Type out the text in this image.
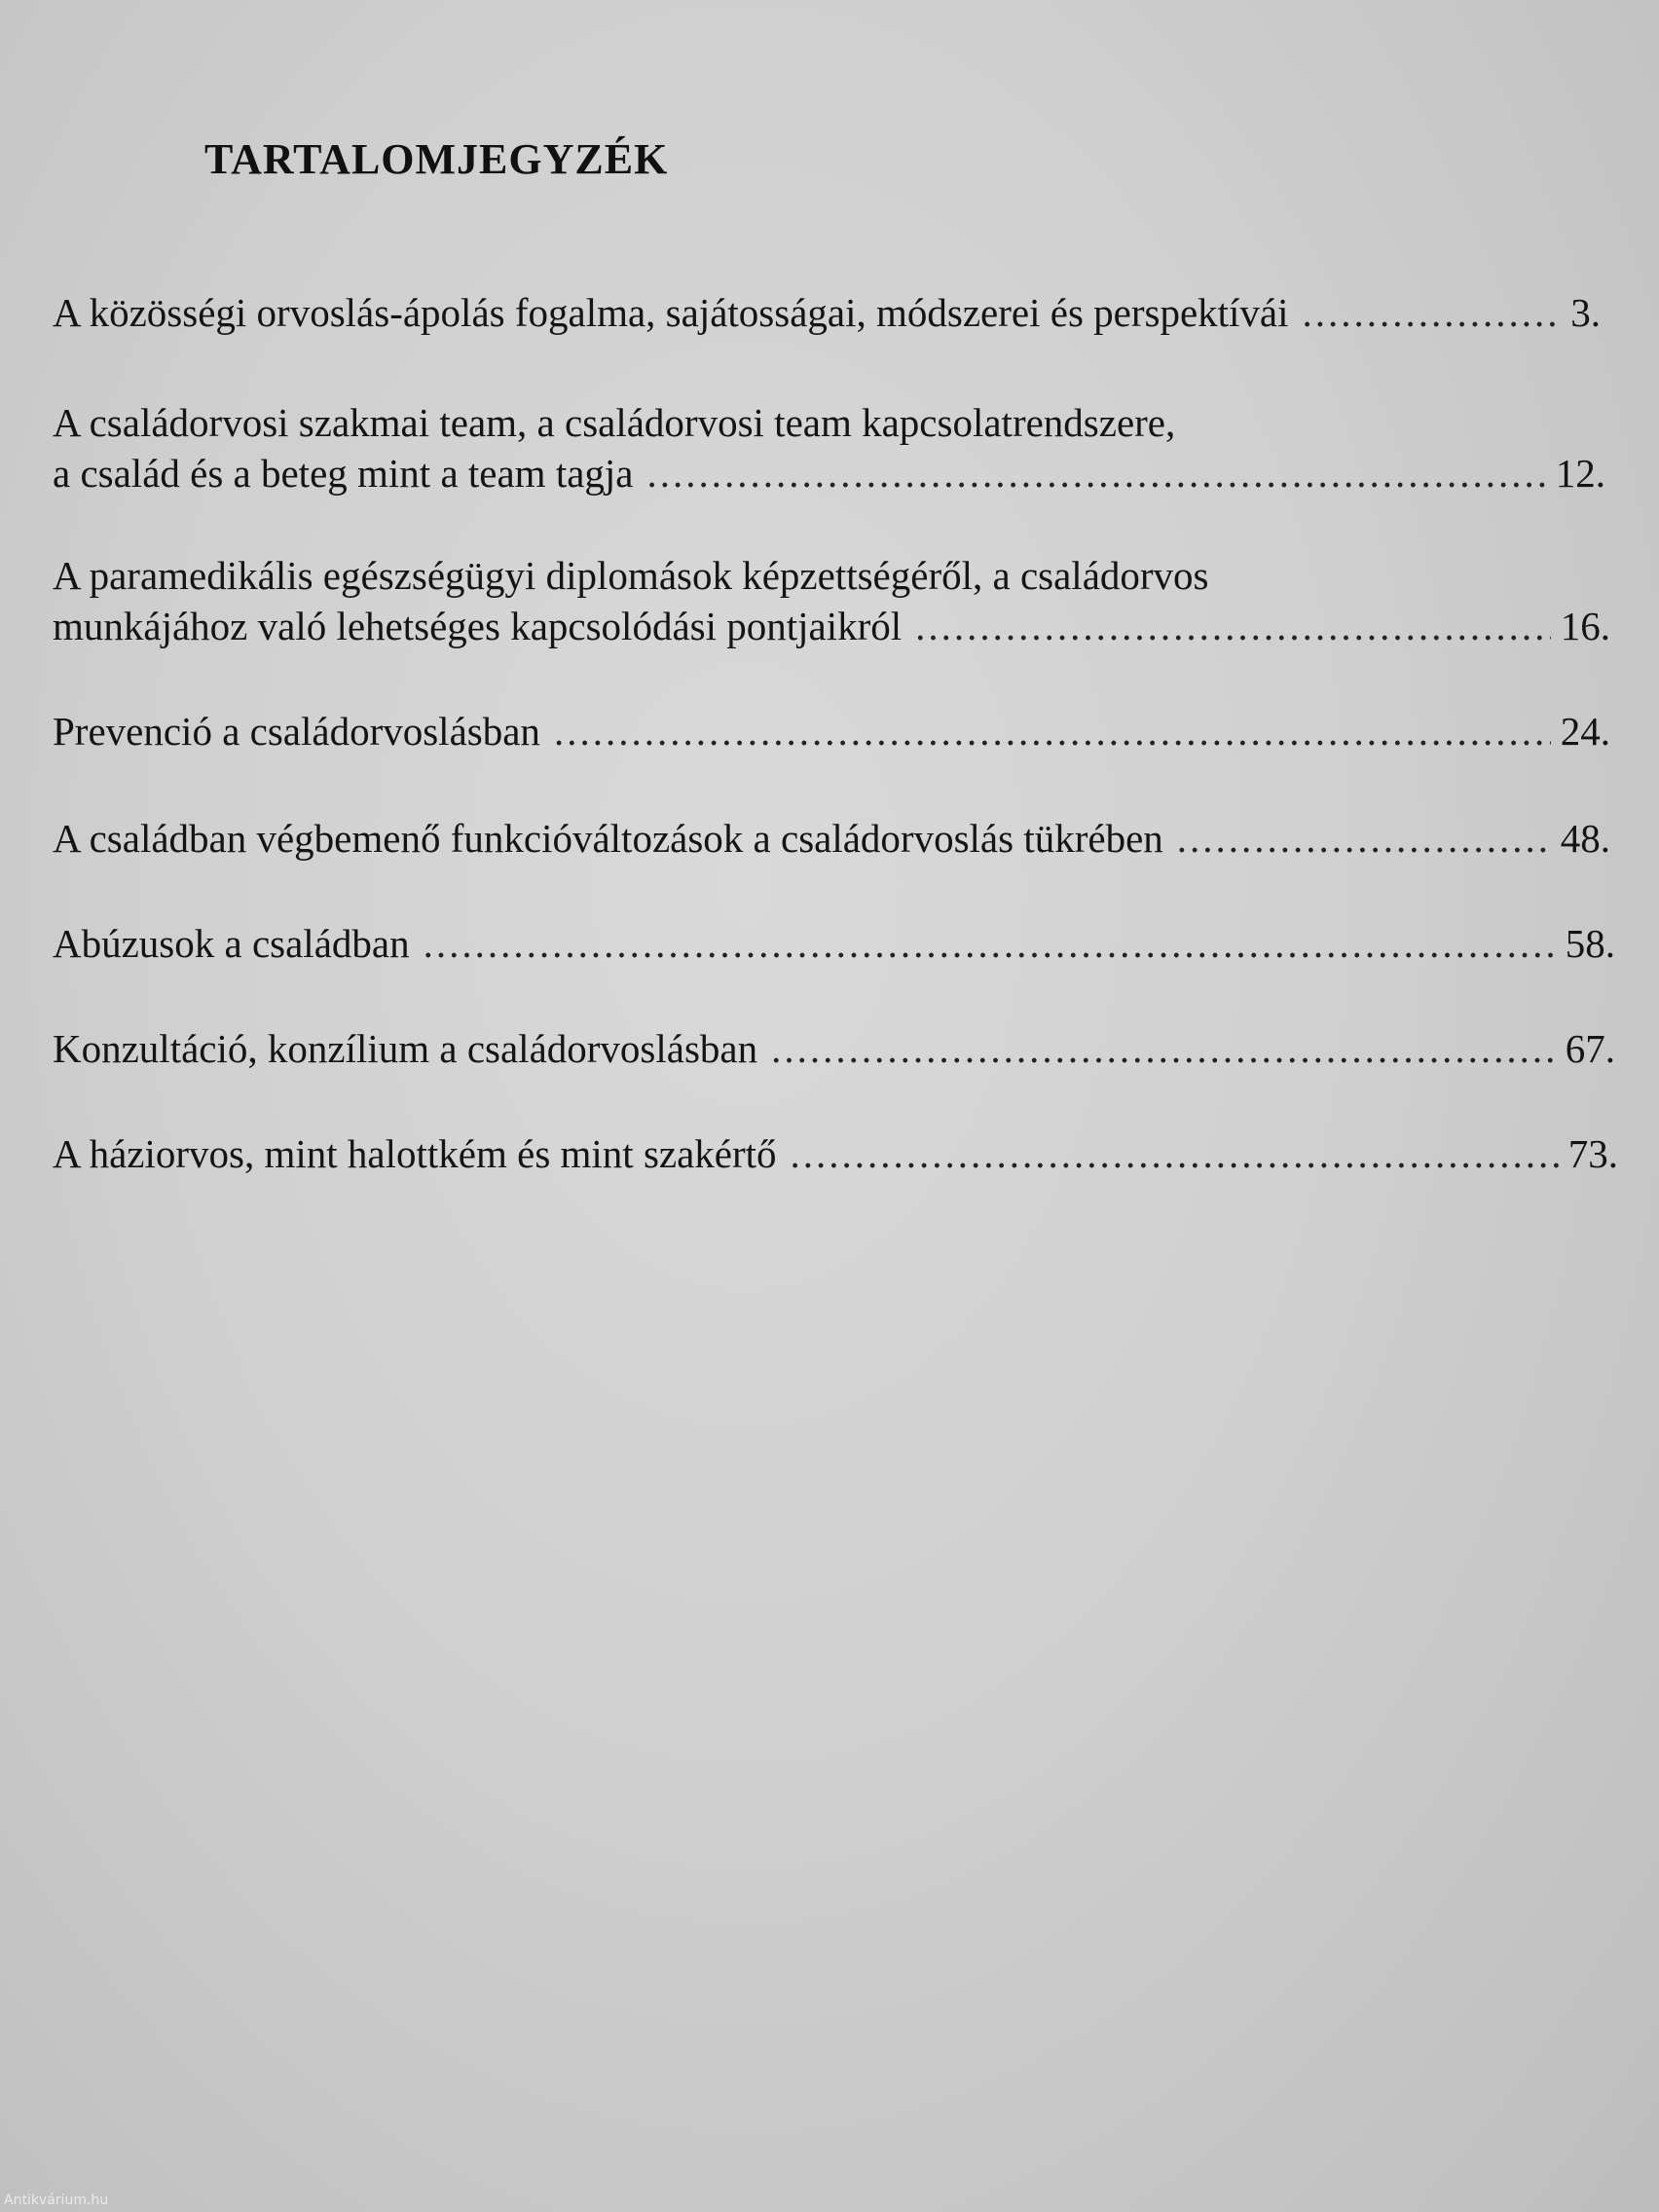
TARTALOMJEGYZÉK
A közösségi orvoslás-ápolás fogalma, sajátosságai, módszerei és perspektívái .....	3.
A családorvosi szakmai team, a családorvosi team kapcsolatrendszere,
a család és a beteg mint a team tagja .....	12.
A paramedikális egészségügyi diplomások képzettségéről, a családorvos
munkájához való lehetséges kapcsolódási pontjaikról .....	16.
Prevenció a családorvoslásban .....	24.
A családban végbemenő funkcióváltozások a családorvoslás tükrében .....	48.
Abúzusok a családban .....	58.
Konzultáció, konzílium a családorvoslásban .....	67.
A háziorvos, mint halottkém és mint szakértő .....	73.
Antikvárium.hu
